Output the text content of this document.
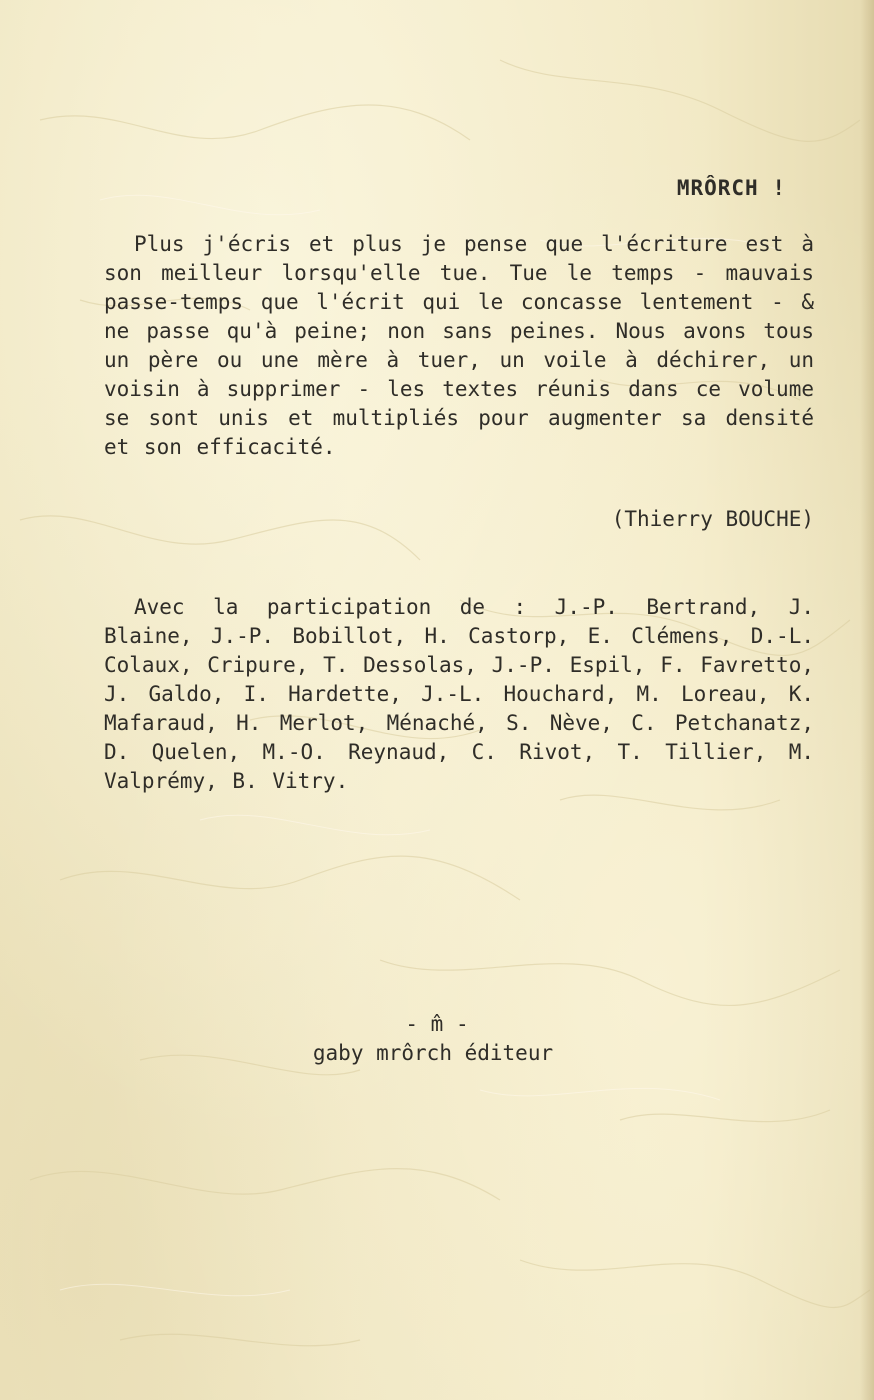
MRÔRCH !

Plus j'écris et plus je pense que l'écriture est à son meilleur lorsqu'elle tue. Tue le temps - mauvais passe-temps que l'écrit qui le concasse lentement - & ne passe qu'à peine; non sans peines. Nous avons tous un père ou une mère à tuer, un voile à déchirer, un voisin à supprimer - les textes réunis dans ce volume se sont unis et multipliés pour augmenter sa densité et son efficacité.

(Thierry BOUCHE)

Avec la participation de : J.-P. Bertrand, J. Blaine, J.-P. Bobillot, H. Castorp, E. Clémens, D.-L. Colaux, Cripure, T. Dessolas, J.-P. Espil, F. Favretto, J. Galdo, I. Hardette, J.-L. Houchard, M. Loreau, K. Mafaraud, H. Merlot, Ménaché, S. Nève, C. Petchanatz, D. Quelen, M.-O. Reynaud, C. Rivot, T. Tillier, M. Valprémy, B. Vitry.

- m̂ -

gaby mrôrch éditeur
